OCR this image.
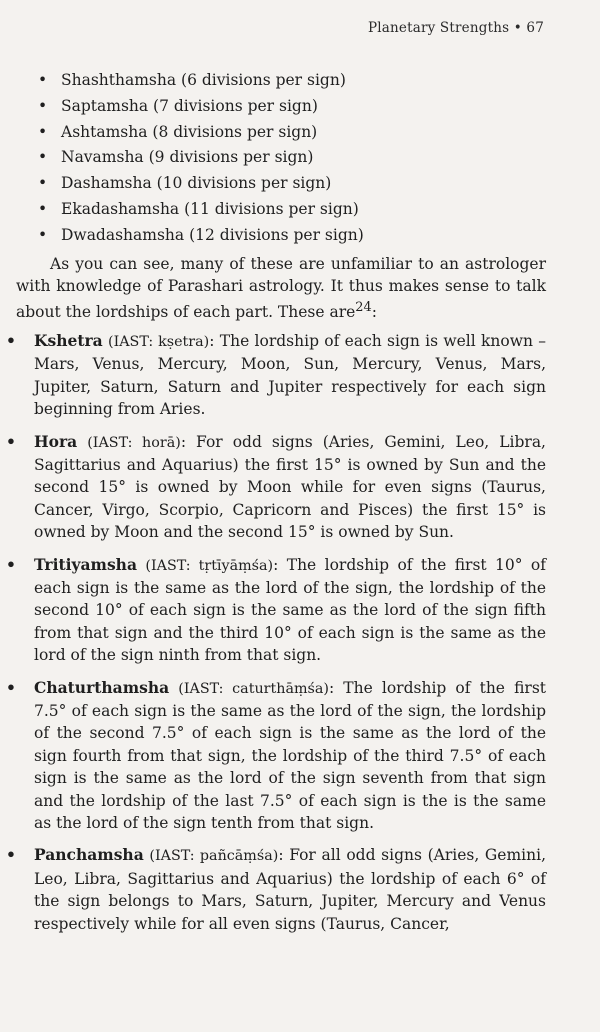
Planetary Strengths • 67
• Shashthamsha (6 divisions per sign)
• Saptamsha (7 divisions per sign)
• Ashtamsha (8 divisions per sign)
• Navamsha (9 divisions per sign)
• Dashamsha (10 divisions per sign)
• Ekadashamsha (11 divisions per sign)
• Dwadashamsha (12 divisions per sign)

As you can see, many of these are unfamiliar to an astrologer with knowledge of Parashari astrology. It thus makes sense to talk about the lordships of each part. These are$^{24}$:

• Kshetra (IAST: kṣetra): The lordship of each sign is well known – Mars, Venus, Mercury, Moon, Sun, Mercury, Venus, Mars, Jupiter, Saturn, Saturn and Jupiter respectively for each sign beginning from Aries.
• Hora (IAST: horā): For odd signs (Aries, Gemini, Leo, Libra, Sagittarius and Aquarius) the first 15° is owned by Sun and the second 15° is owned by Moon while for even signs (Taurus, Cancer, Virgo, Scorpio, Capricorn and Pisces) the first 15° is owned by Moon and the second 15° is owned by Sun.
• Tritiyamsha (IAST: tṛtīyāṃśa): The lordship of the first 10° of each sign is the same as the lord of the sign, the lordship of the second 10° of each sign is the same as the lord of the sign fifth from that sign and the third 10° of each sign is the same as the lord of the sign ninth from that sign.
• Chaturthamsha (IAST: caturthāṃśa): The lordship of the first 7.5° of each sign is the same as the lord of the sign, the lordship of the second 7.5° of each sign is the same as the lord of the sign fourth from that sign, the lordship of the third 7.5° of each sign is the same as the lord of the sign seventh from that sign and the lordship of the last 7.5° of each sign is the is the same as the lord of the sign tenth from that sign.
• Panchamsha (IAST: pañcāṃśa): For all odd signs (Aries, Gemini, Leo, Libra, Sagittarius and Aquarius) the lordship of each 6° of the sign belongs to Mars, Saturn, Jupiter, Mercury and Venus respectively while for all even signs (Taurus, Cancer,
